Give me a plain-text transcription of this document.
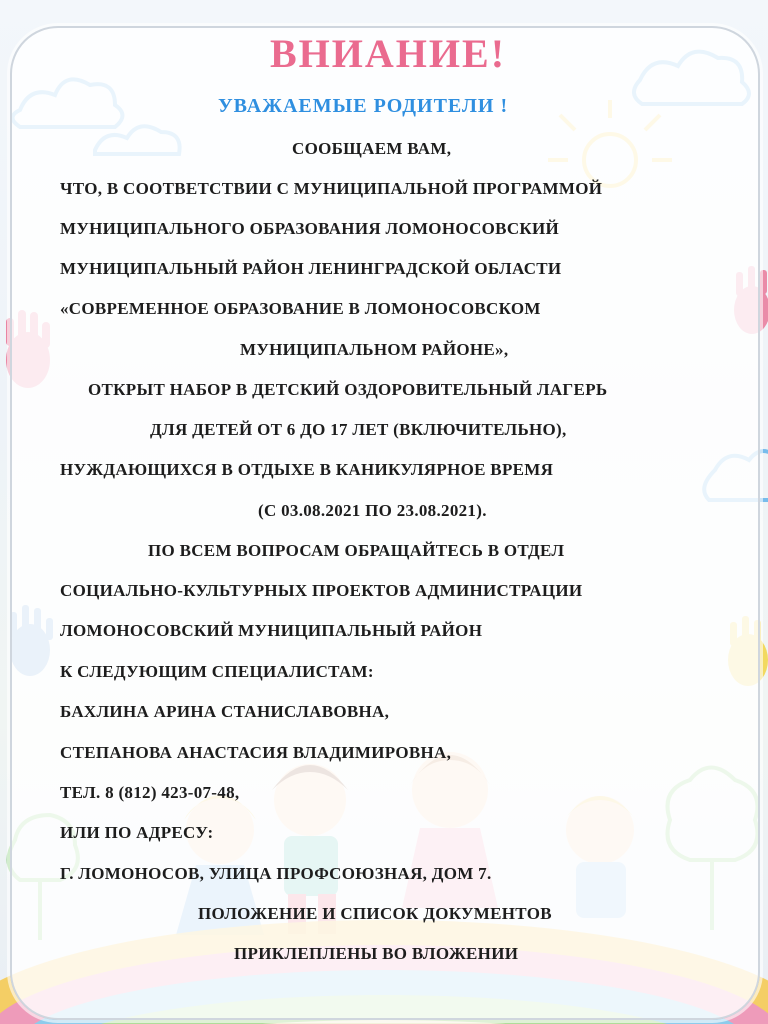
ВНИАНИЕ!
УВАЖАЕМЫЕ РОДИТЕЛИ !

СООБЩАЕМ ВАМ,

ЧТО, В СООТВЕТСТВИИ С МУНИЦИПАЛЬНОЙ ПРОГРАММОЙ

МУНИЦИПАЛЬНОГО ОБРАЗОВАНИЯ ЛОМОНОСОВСКИЙ

МУНИЦИПАЛЬНЫЙ РАЙОН ЛЕНИНГРАДСКОЙ ОБЛАСТИ

«СОВРЕМЕННОЕ ОБРАЗОВАНИЕ В ЛОМОНОСОВСКОМ

МУНИЦИПАЛЬНОМ РАЙОНЕ»,

ОТКРЫТ НАБОР В ДЕТСКИЙ ОЗДОРОВИТЕЛЬНЫЙ ЛАГЕРЬ

ДЛЯ ДЕТЕЙ ОТ 6 ДО 17 ЛЕТ (ВКЛЮЧИТЕЛЬНО),

НУЖДАЮЩИХСЯ В ОТДЫХЕ В КАНИКУЛЯРНОЕ ВРЕМЯ

(С 03.08.2021 ПО 23.08.2021).

ПО ВСЕМ ВОПРОСАМ ОБРАЩАЙТЕСЬ В ОТДЕЛ

СОЦИАЛЬНО-КУЛЬТУРНЫХ ПРОЕКТОВ АДМИНИСТРАЦИИ

ЛОМОНОСОВСКИЙ МУНИЦИПАЛЬНЫЙ РАЙОН

К СЛЕДУЮЩИМ СПЕЦИАЛИСТАМ:

БАХЛИНА АРИНА СТАНИСЛАВОВНА,

СТЕПАНОВА АНАСТАСИЯ ВЛАДИМИРОВНА,

ТЕЛ. 8 (812) 423-07-48,

ИЛИ ПО АДРЕСУ:

Г. ЛОМОНОСОВ, УЛИЦА ПРОФСОЮЗНАЯ, ДОМ 7.

ПОЛОЖЕНИЕ И СПИСОК ДОКУМЕНТОВ

ПРИКЛЕПЛЕНЫ ВО ВЛОЖЕНИИ
